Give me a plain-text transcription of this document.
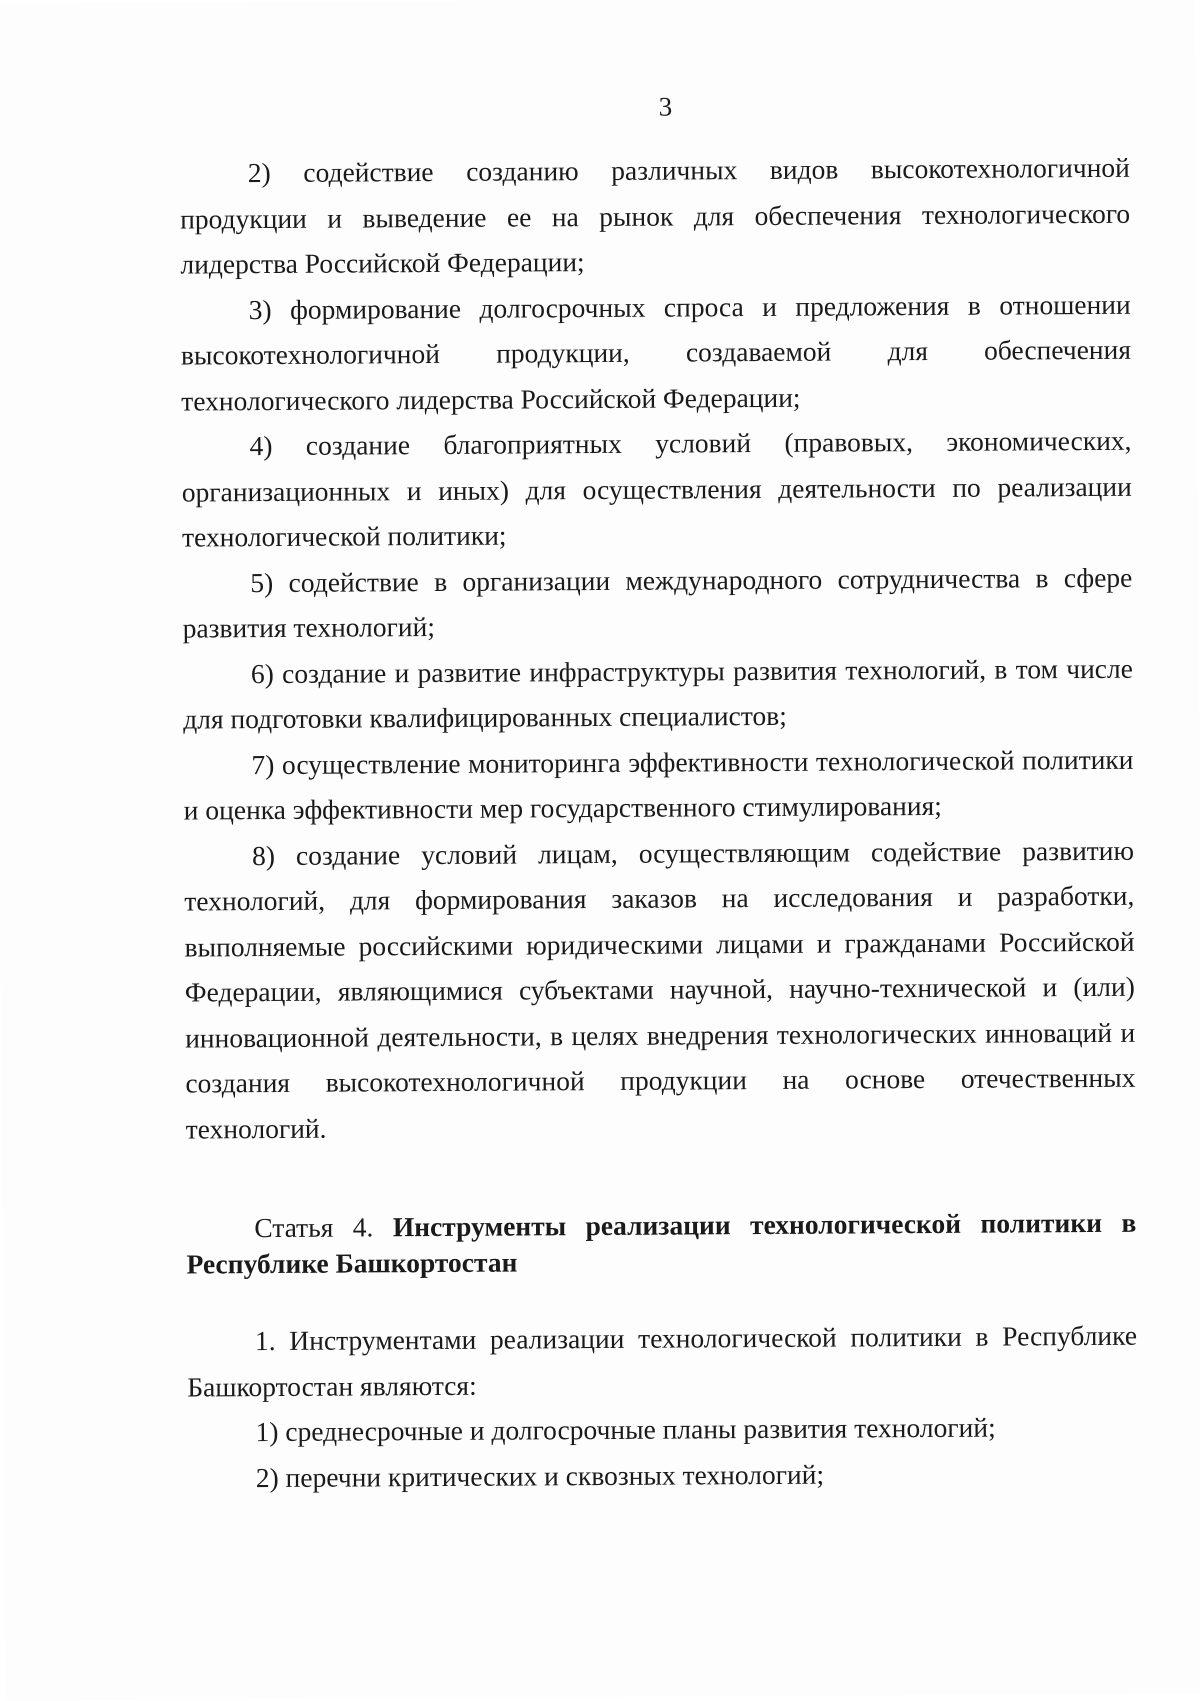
3

2) содействие созданию различных видов высокотехнологичной продукции и выведение ее на рынок для обеспечения технологического лидерства Российской Федерации;

3) формирование долгосрочных спроса и предложения в отношении высокотехнологичной продукции, создаваемой для обеспечения технологического лидерства Российской Федерации;

4) создание благоприятных условий (правовых, экономических, организационных и иных) для осуществления деятельности по реализации технологической политики;

5) содействие в организации международного сотрудничества в сфере развития технологий;

6) создание и развитие инфраструктуры развития технологий, в том числе для подготовки квалифицированных специалистов;

7) осуществление мониторинга эффективности технологической политики и оценка эффективности мер государственного стимулирования;

8) создание условий лицам, осуществляющим содействие развитию технологий, для формирования заказов на исследования и разработки, выполняемые российскими юридическими лицами и гражданами Российской Федерации, являющимися субъектами научной, научно-технической и (или) инновационной деятельности, в целях внедрения технологических инноваций и создания высокотехнологичной продукции на основе отечественных технологий.

Статья 4. Инструменты реализации технологической политики в Республике Башкортостан

1. Инструментами реализации технологической политики в Республике Башкортостан являются:

1) среднесрочные и долгосрочные планы развития технологий;

2) перечни критических и сквозных технологий;
